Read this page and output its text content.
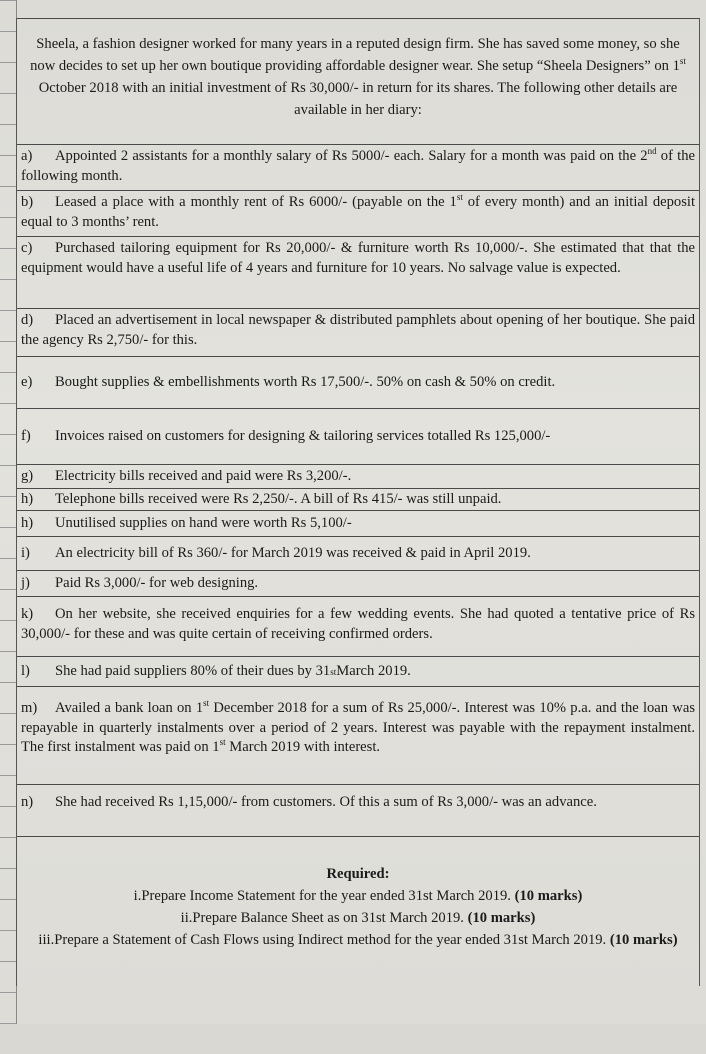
Sheela, a fashion designer worked for many years in a reputed design firm. She has saved some money, so she now decides to set up her own boutique providing affordable designer wear. She setup “Sheela Designers” on 1st October 2018 with an initial investment of Rs 30,000/- in return for its shares. The following other details are available in her diary:
a) Appointed 2 assistants for a monthly salary of Rs 5000/- each. Salary for a month was paid on the 2nd of the following month.
b) Leased a place with a monthly rent of Rs 6000/- (payable on the 1st of every month) and an initial deposit equal to 3 months’ rent.
c) Purchased tailoring equipment for Rs 20,000/- & furniture worth Rs 10,000/-. She estimated that that the equipment would have a useful life of 4 years and furniture for 10 years. No salvage value is expected.
d) Placed an advertisement in local newspaper & distributed pamphlets about opening of her boutique. She paid the agency Rs 2,750/- for this.
e)	Bought supplies & embellishments worth Rs 17,500/-. 50% on cash & 50% on credit.
f)	Invoices raised on customers for designing & tailoring services totalled Rs 125,000/-
g)	Electricity bills received and paid were Rs 3,200/-.
h)	Telephone bills received were Rs 2,250/-. A bill of Rs 415/- was still unpaid.
h)	Unutilised supplies on hand were worth Rs 5,100/-
i)	An electricity bill of Rs 360/- for March 2019 was received & paid in April 2019.
j)	Paid Rs 3,000/- for web designing.
k) On her website, she received enquiries for a few wedding events. She had quoted a tentative price of Rs 30,000/- for these and was quite certain of receiving confirmed orders.
l)	She had paid suppliers 80% of their dues by 31 st March 2019.
m) Availed a bank loan on 1st December 2018 for a sum of Rs 25,000/-. Interest was 10% p.a. and the loan was repayable in quarterly instalments over a period of 2 years. Interest was payable with the repayment instalment. The first instalment was paid on 1st March 2019 with interest.
n) She had received Rs 1,15,000/- from customers. Of this a sum of Rs 3,000/- was an advance.
Required:
i.Prepare Income Statement for the year ended 31st March 2019. (10 marks)
ii.Prepare Balance Sheet as on 31st March 2019. (10 marks)
iii.Prepare a Statement of Cash Flows using Indirect method for the year ended 31st March 2019. (10 marks)
